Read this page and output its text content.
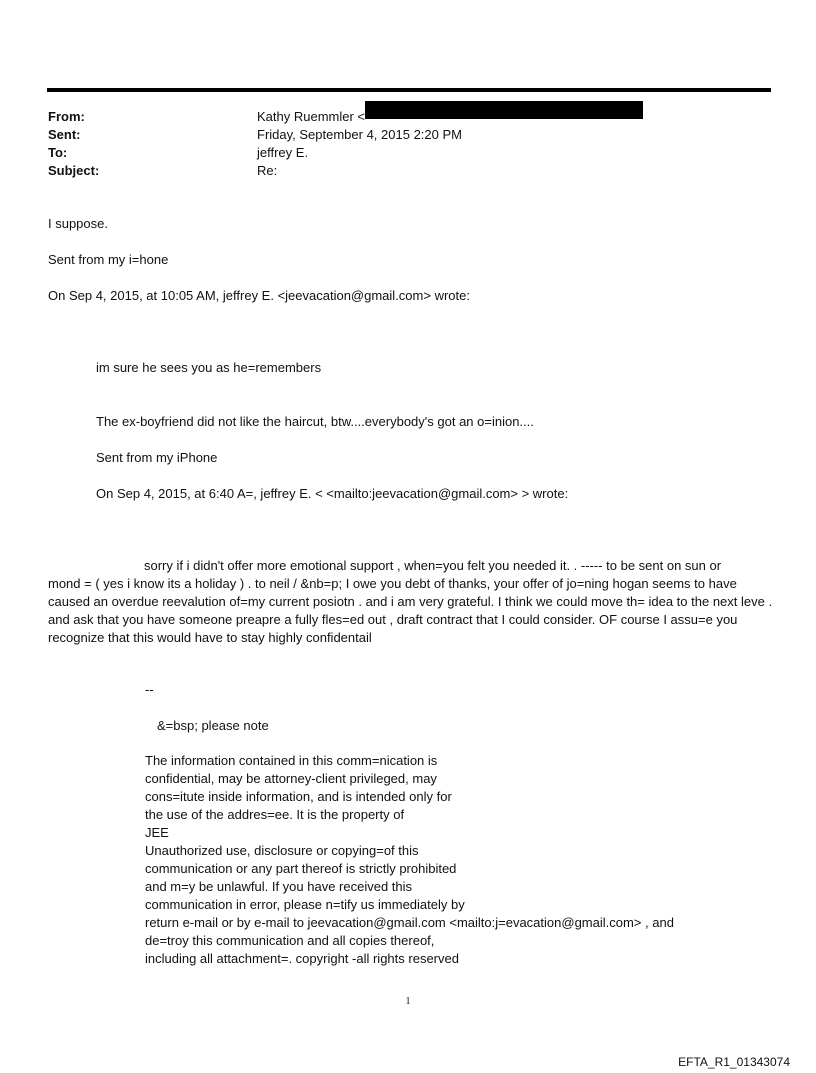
From:	Kathy Ruemmler <
Sent:	Friday, September 4, 2015 2:20 PM
To:	jeffrey E.
Subject:	Re:
I suppose.
Sent from my i=hone
On Sep 4, 2015, at 10:05 AM, jeffrey E. <jeevacation@gmail.com> wrote:
im sure he sees you as he=remembers
The ex-boyfriend did not like the haircut, btw....everybody's got an o=inion....
Sent from my iPhone
On Sep 4, 2015, at 6:40 A=, jeffrey E. < <mailto:jeevacation@gmail.com> > wrote:
sorry if i didn't offer more emotional support , when=you felt you needed it. . ----- to be sent on sun or
mond = ( yes i know its a holiday ) . to neil / &nb=p; I owe you debt of thanks, your offer of jo=ning hogan seems to have caused an overdue reevalution of=my current posiotn . and i am very grateful. I think we could move th= idea to the next leve . and ask that you have someone preapre a fully fles=ed out , draft contract that I could consider. OF course I assu=e you recognize that this would have to stay highly confidentail
--
&=bsp; please note
The information contained in this comm=nication is
confidential, may be attorney-client privileged, may
cons=itute inside information, and is intended only for
the use of the addres=ee. It is the property of
JEE
Unauthorized use, disclosure or copying=of this
communication or any part thereof is strictly prohibited
and m=y be unlawful. If you have received this
communication in error, please n=tify us immediately by
return e-mail or by e-mail to jeevacation@gmail.com <mailto:j=evacation@gmail.com> , and
de=troy this communication and all copies thereof,
including all attachment=. copyright -all rights reserved
1
EFTA_R1_01343074
